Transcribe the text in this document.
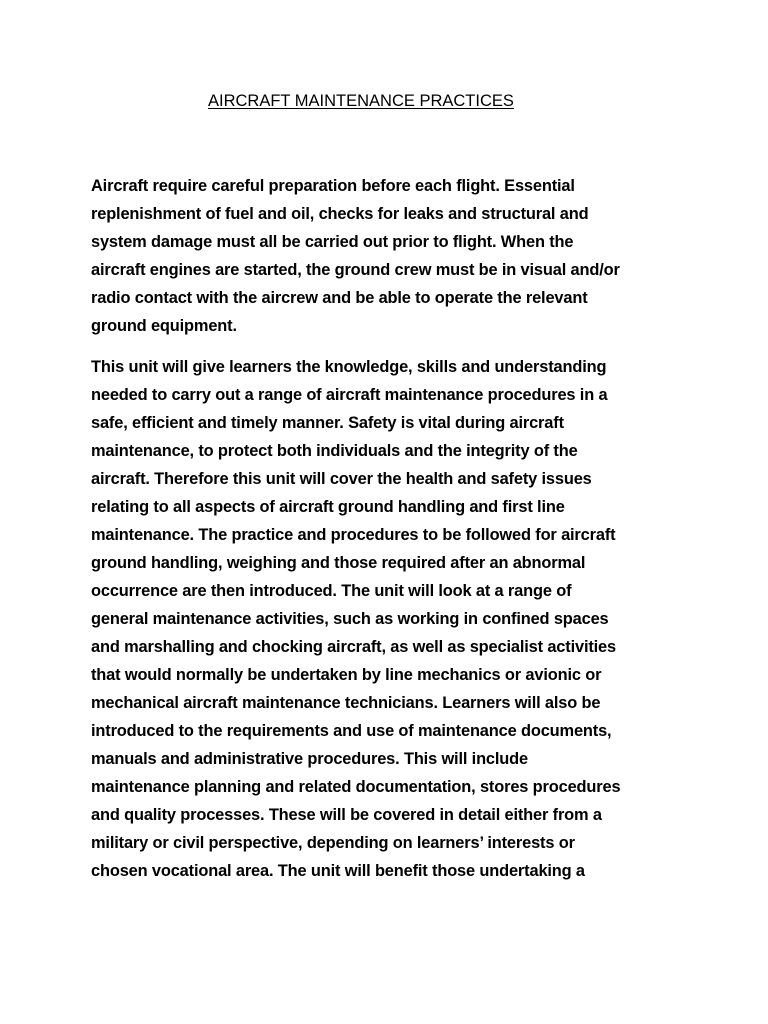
AIRCRAFT MAINTENANCE PRACTICES

Aircraft require careful preparation before each flight. Essential
replenishment of fuel and oil, checks for leaks and structural and
system damage must all be carried out prior to flight. When the
aircraft engines are started, the ground crew must be in visual and/or
radio contact with the aircrew and be able to operate the relevant
ground equipment.

This unit will give learners the knowledge, skills and understanding
needed to carry out a range of aircraft maintenance procedures in a
safe, efficient and timely manner. Safety is vital during aircraft
maintenance, to protect both individuals and the integrity of the
aircraft. Therefore this unit will cover the health and safety issues
relating to all aspects of aircraft ground handling and first line
maintenance. The practice and procedures to be followed for aircraft
ground handling, weighing and those required after an abnormal
occurrence are then introduced. The unit will look at a range of
general maintenance activities, such as working in confined spaces
and marshalling and chocking aircraft, as well as specialist activities
that would normally be undertaken by line mechanics or avionic or
mechanical aircraft maintenance technicians. Learners will also be
introduced to the requirements and use of maintenance documents,
manuals and administrative procedures. This will include
maintenance planning and related documentation, stores procedures
and quality processes. These will be covered in detail either from a
military or civil perspective, depending on learners’ interests or
chosen vocational area. The unit will benefit those undertaking a
